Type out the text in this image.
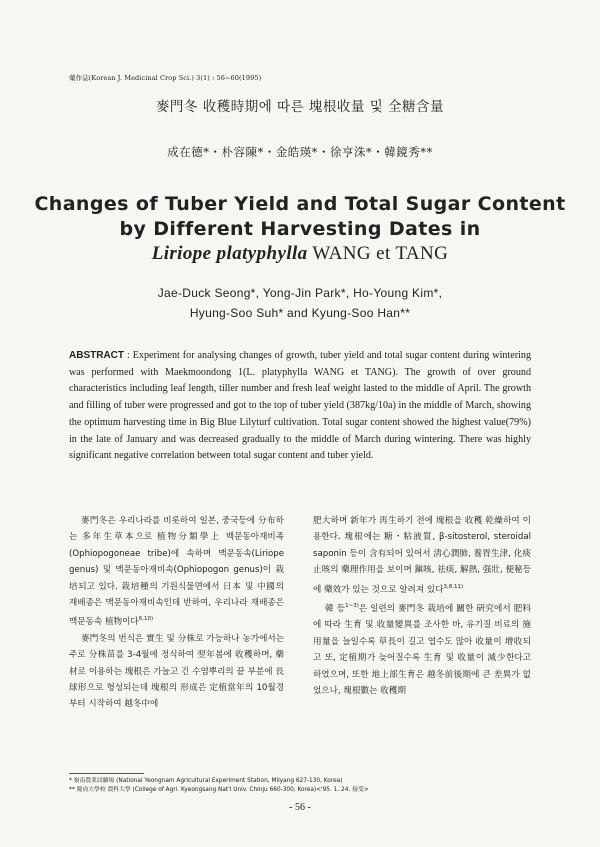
藥作誌(Korean J. Medicinal Crop Sci.) 3(1) : 56~60(1995)
麥門冬 收穫時期에 따른 塊根收量 및 全糖含量
成在德*・朴容陳*・金皓瑛*・徐亨洙*・韓鏡秀**
Changes of Tuber Yield and Total Sugar Content
by Different Harvesting Dates in
Liriope platyphylla WANG et TANG
Jae-Duck Seong*, Yong-Jin Park*, Ho-Young Kim*,
Hyung-Soo Suh* and Kyung-Soo Han**
ABSTRACT : Experiment for analysing changes of growth, tuber yield and total sugar content during wintering was performed with Maekmoondong 1(L. platyphylla WANG et TANG). The growth of over ground characteristics including leaf length, tiller number and fresh leaf weight lasted to the middle of April. The growth and filling of tuber were progressed and got to the top of tuber yield (387kg/10a) in the middle of March, showing the optimum harvesting time in Big Blue Lilyturf cultivation. Total sugar content showed the highest value(79%) in the late of January and was decreased gradually to the middle of March during wintering. There was highly significant negative correlation between total sugar content and tuber yield.

麥門冬은 우리나라를 비롯하여 일본, 중국등에 分布하는 多年生草本으로 植物分類學上 백문동아재비족(Ophiopogoneae tribe)에 속하며 맥문동속(Liriope genus) 및 맥문동아재비속(Ophiopogon genus)이 栽培되고 있다. 栽培種의 기원식물면에서 日本 및 中國의 재배종은 맥문동아재비속인데 반하여, 우리나라 재배종은 맥문동속 植物이다$^{6,10)}$

麥門冬의 번식은 實生 및 分株로 가능하나 농가에서는 주로 分株苗를 3-4월에 정식하여 翌年봄에 收穫하며, 藥材로 이용하는 塊根은 가늘고 긴 수염뿌리의 끝 부분에 長球形으로 형성되는데 塊根의 形成은 定植當年의 10월경부터 시작하여 越冬中에

肥大하며 新年가 再生하기 전에 塊根을 收穫 乾燥하여 이용한다. 塊根에는 糖・粘液質, β-sitosterol, steroidal saponin 등이 含有되어 있어서 淸心潤肺, 養胃生津, 化痰止咳의 藥理作用을 보이며 鎭咳, 祛痰, 解熱, 强壯, 便秘등에 藥效가 있는 것으로 알려져 있다$^{3,8,11)}$

韓 등$^{1\sim 3)}$은 일련의 麥門冬 栽培에 關한 硏究에서 肥料에 따라 生育 및 收量變異를 조사한 바, 유기질 비료의 施用量을 늘일수록 草長이 길고 엽수도 많아 收量이 增收되고 또, 定植期가 늦어질수록 生育 및 收量이 減少한다고 하였으며, 또한 地上部生育은 越冬前後期에 큰 差異가 없었으나, 塊根數는 收穫期

* 嶺南農業試驗場 (National Yeongnam Agricultural Experiment Station, Milyang 627-130, Korea)
** 慶尙大學校 農科大學 (College of Agri. Kyeongsang Nat'l Univ. Chinju 660-300, Korea)<'95. 1. 24. 接受>
- 56 -
